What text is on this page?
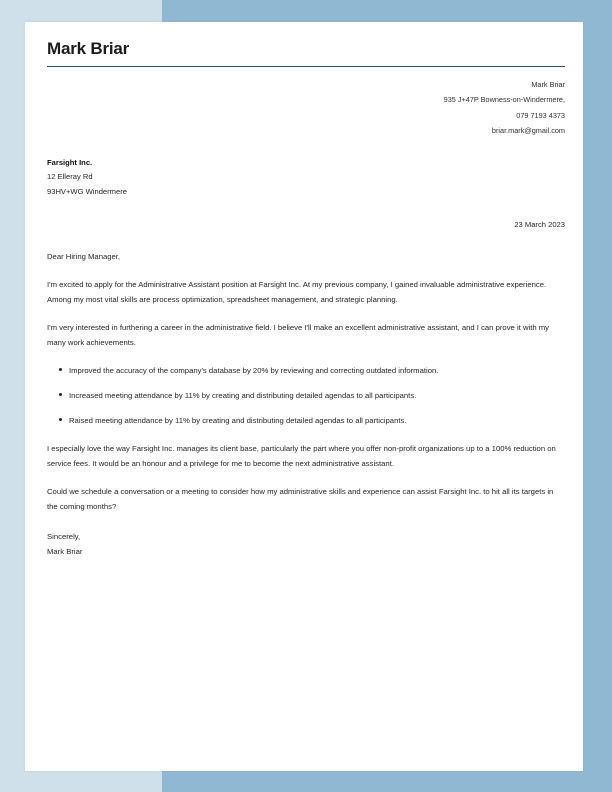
Mark Briar
Mark Briar
935 J+47P Bowness-on-Windermere,
079 7193 4373
briar.mark@gmail.com
Farsight Inc.
12 Elleray Rd
93HV+WG Windermere
23 March 2023
Dear Hiring Manager,

I'm excited to apply for the Administrative Assistant position at Farsight Inc. At my previous company, I gained invaluable administrative experience. Among my most vital skills are process optimization, spreadsheet management, and strategic planning.

I'm very interested in furthering a career in the administrative field. I believe I'll make an excellent administrative assistant, and I can prove it with my many work achievements.

Improved the accuracy of the company's database by 20% by reviewing and correcting outdated information.
Increased meeting attendance by 11% by creating and distributing detailed agendas to all participants.
Raised meeting attendance by 11% by creating and distributing detailed agendas to all participants.

I especially love the way Farsight Inc. manages its client base, particularly the part where you offer non-profit organizations up to a 100% reduction on service fees. It would be an honour and a privilege for me to become the next administrative assistant.

Could we schedule a conversation or a meeting to consider how my administrative skills and experience can assist Farsight Inc. to hit all its targets in the coming months?

Sincerely,
Mark Briar
